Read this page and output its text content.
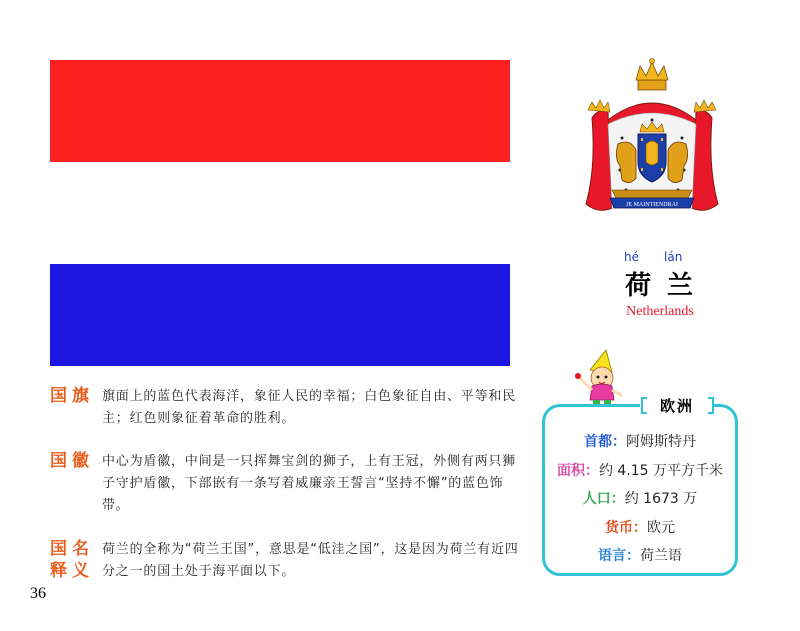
JE MAINTIENDRAI
hé lán
荷兰
Netherlands
国旗 旗面上的蓝色代表海洋，象征人民的幸福；白色象征自由、平等和民主；红色则象征着革命的胜利。
国徽 中心为盾徽，中间是一只挥舞宝剑的狮子，上有王冠，外侧有两只狮子守护盾徽，下部嵌有一条写着威廉亲王誓言“坚持不懈”的蓝色饰带。
国名释义
荷兰的全称为“荷兰王国”，意思是“低洼之国”，这是因为荷兰有近四分之一的国土处于海平面以下。
36
欧洲
首都：阿姆斯特丹
面积：约 4.15 万平方千米
人口：约 1673 万
货币：欧元
语言：荷兰语
